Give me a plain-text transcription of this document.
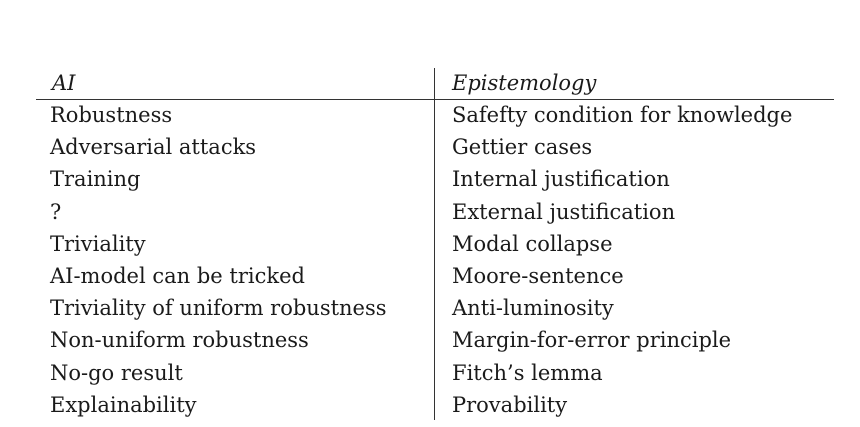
AI	Epistemology
Robustness	Safefty condition for knowledge
Adversarial attacks	Gettier cases
Training	Internal justification
?	External justification
Triviality	Modal collapse
AI-model can be tricked	Moore-sentence
Triviality of uniform robustness	Anti-luminosity
Non-uniform robustness	Margin-for-error principle
No-go result	Fitch’s lemma
Explainability	Provability
